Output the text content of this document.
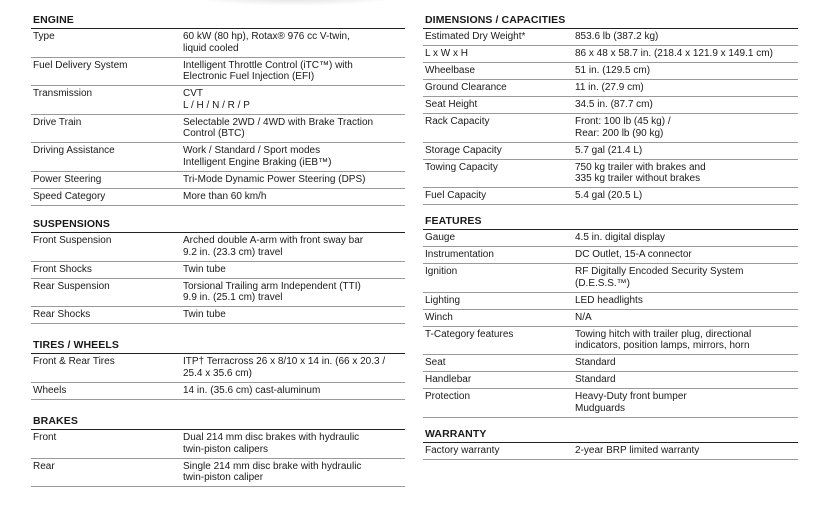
ENGINE
Type	60 kW (80 hp), Rotax® 976 cc V-twin,
liquid cooled
Fuel Delivery System	Intelligent Throttle Control (iTC™) with
Electronic Fuel Injection (EFI)
Transmission	CVT
L / H / N / R / P
Drive Train	Selectable 2WD / 4WD with Brake Traction
Control (BTC)
Driving Assistance	Work / Standard / Sport modes
Intelligent Engine Braking (iEB™)
Power Steering	Tri-Mode Dynamic Power Steering (DPS)
Speed Category	More than 60 km/h
SUSPENSIONS
Front Suspension	Arched double A-arm with front sway bar
9.2 in. (23.3 cm) travel
Front Shocks	Twin tube
Rear Suspension	Torsional Trailing arm Independent (TTI)
9.9 in. (25.1 cm) travel
Rear Shocks	Twin tube
TIRES / WHEELS
Front & Rear Tires	ITP† Terracross 26 x 8/10 x 14 in. (66 x 20.3 /
25.4 x 35.6 cm)
Wheels	14 in. (35.6 cm) cast-aluminum
BRAKES
Front	Dual 214 mm disc brakes with hydraulic
twin-piston calipers
Rear	Single 214 mm disc brake with hydraulic
twin-piston caliper
DIMENSIONS / CAPACITIES
Estimated Dry Weight*	853.6 lb (387.2 kg)
L x W x H	86 x 48 x 58.7 in. (218.4 x 121.9 x 149.1 cm)
Wheelbase	51 in. (129.5 cm)
Ground Clearance	11 in. (27.9 cm)
Seat Height	34.5 in. (87.7 cm)
Rack Capacity	Front: 100 lb (45 kg) /
Rear: 200 lb (90 kg)
Storage Capacity	5.7 gal (21.4 L)
Towing Capacity	750 kg trailer with brakes and
335 kg trailer without brakes
Fuel Capacity	5.4 gal (20.5 L)
FEATURES
Gauge	4.5 in. digital display
Instrumentation	DC Outlet, 15-A connector
Ignition	RF Digitally Encoded Security System
(D.E.S.S.™)
Lighting	LED headlights
Winch	N/A
T-Category features	Towing hitch with trailer plug, directional
indicators, position lamps, mirrors, horn
Seat	Standard
Handlebar	Standard
Protection	Heavy-Duty front bumper
Mudguards
WARRANTY
Factory warranty	2-year BRP limited warranty
